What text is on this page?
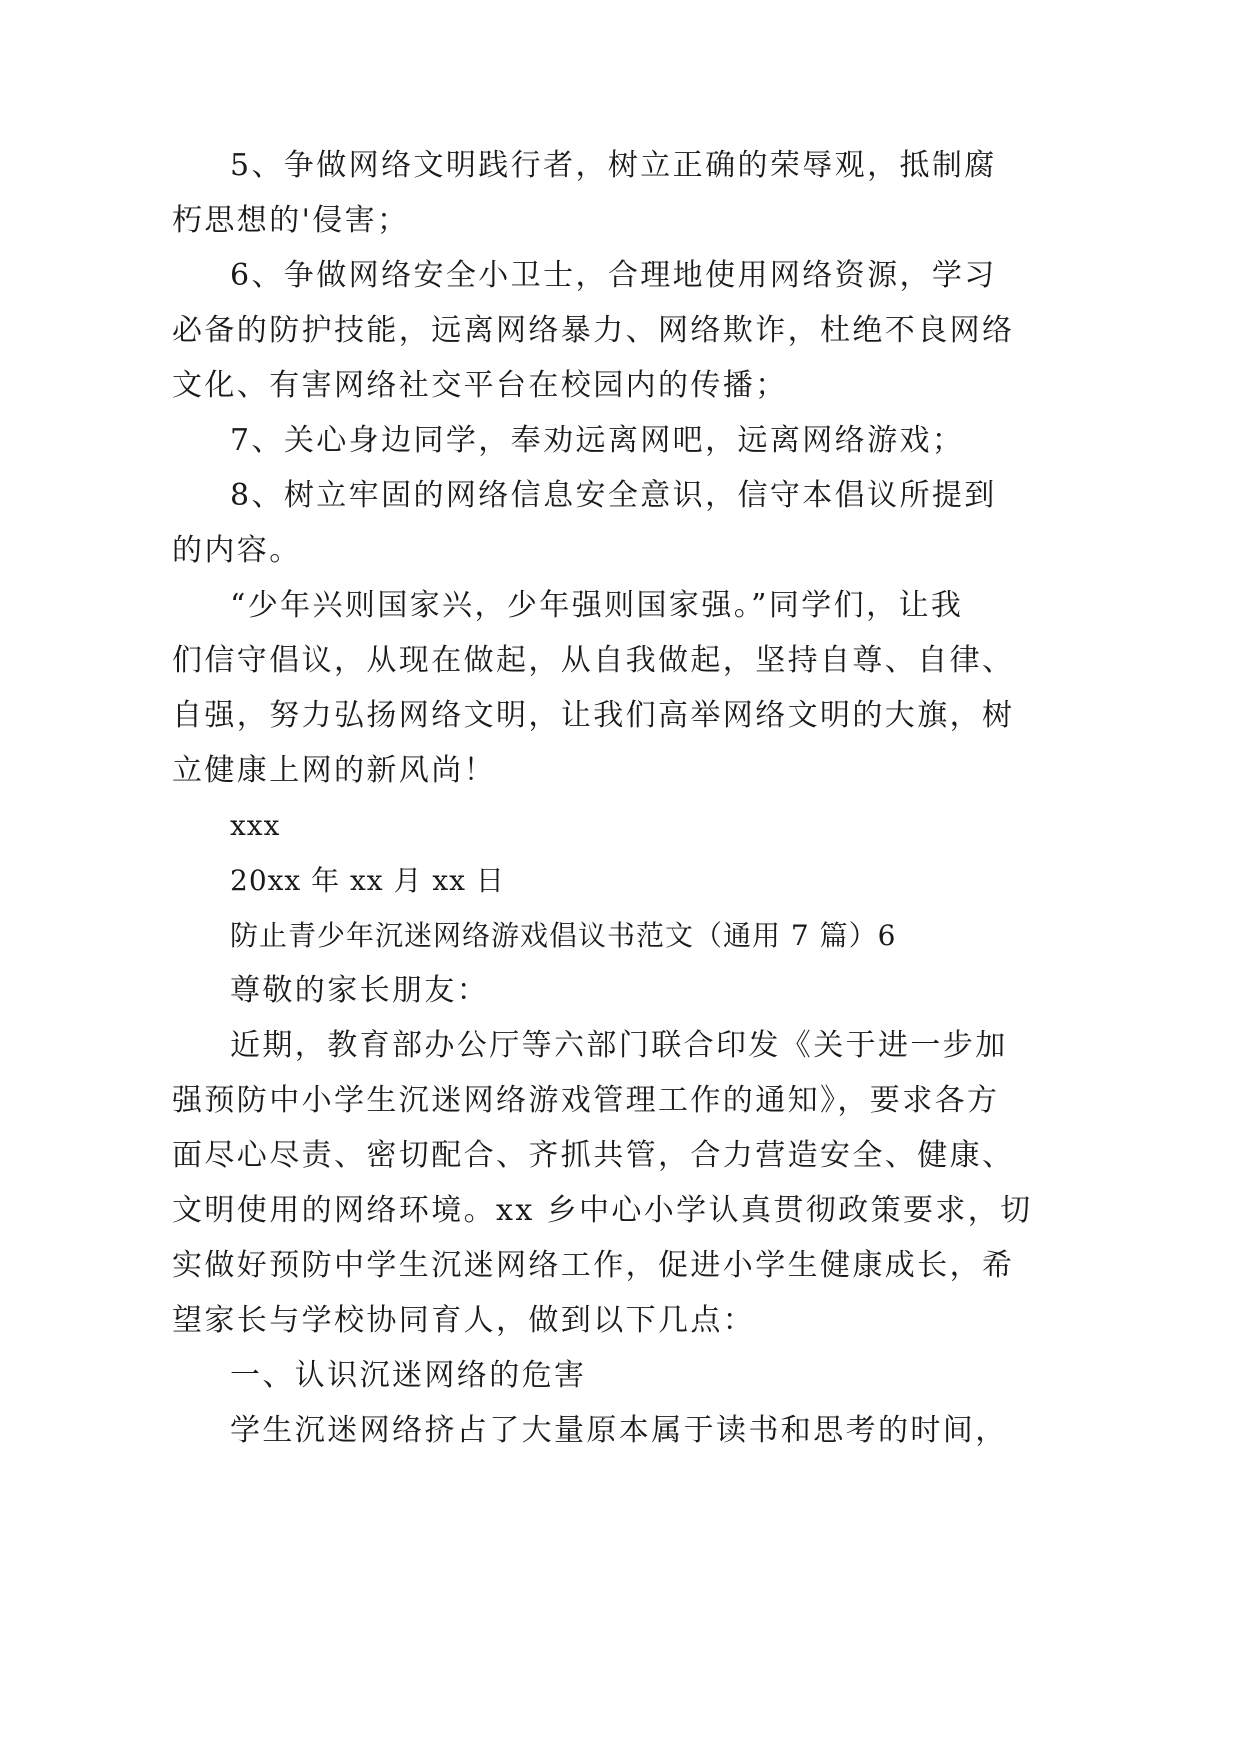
5、争做网络文明践行者，树立正确的荣辱观，抵制腐
朽思想的'侵害；
6、争做网络安全小卫士，合理地使用网络资源，学习
必备的防护技能，远离网络暴力、网络欺诈，杜绝不良网络
文化、有害网络社交平台在校园内的传播；
7、关心身边同学，奉劝远离网吧，远离网络游戏；
8、树立牢固的网络信息安全意识，信守本倡议所提到
的内容。
“少年兴则国家兴，少年强则国家强。”同学们，让我
们信守倡议，从现在做起，从自我做起，坚持自尊、自律、
自强，努力弘扬网络文明，让我们高举网络文明的大旗，树
立健康上网的新风尚！
xxx
20xx 年 xx 月 xx 日
防止青少年沉迷网络游戏倡议书范文（通用 7 篇）6
尊敬的家长朋友：
近期，教育部办公厅等六部门联合印发《关于进一步加
强预防中小学生沉迷网络游戏管理工作的通知》，要求各方
面尽心尽责、密切配合、齐抓共管，合力营造安全、健康、
文明使用的网络环境。xx 乡中心小学认真贯彻政策要求，切
实做好预防中学生沉迷网络工作，促进小学生健康成长，希
望家长与学校协同育人，做到以下几点：
一、认识沉迷网络的危害
学生沉迷网络挤占了大量原本属于读书和思考的时间，
